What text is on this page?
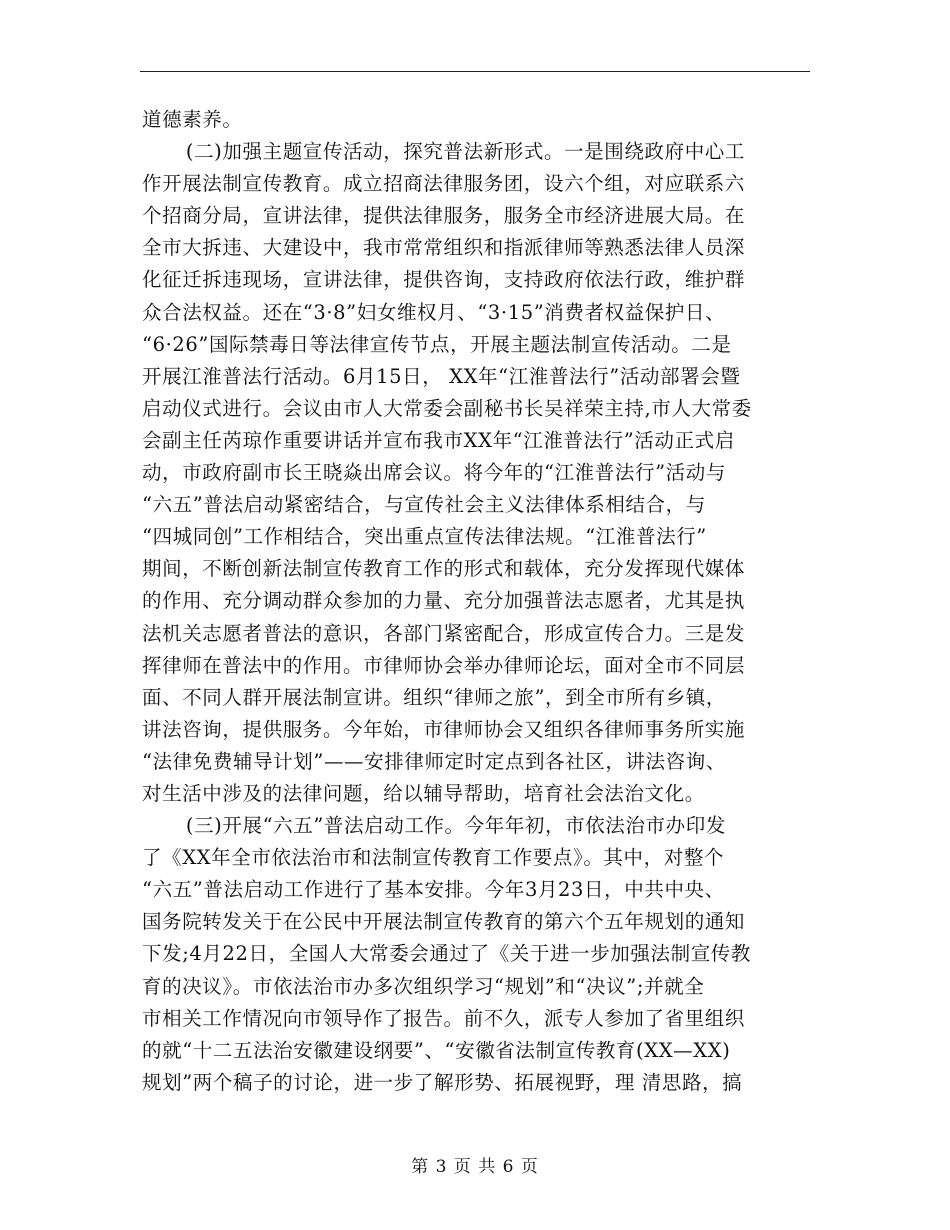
道德素养。
(二)加强主题宣传活动，探究普法新形式。一是围绕政府中心工
作开展法制宣传教育。成立招商法律服务团，设六个组，对应联系六
个招商分局，宣讲法律，提供法律服务，服务全市经济进展大局。在
全市大拆违、大建设中，我市常常组织和指派律师等熟悉法律人员深
化征迁拆违现场，宣讲法律，提供咨询，支持政府依法行政，维护群
众合法权益。还在“3·8”妇女维权月、“3·15”消费者权益保护日、
“6·26”国际禁毒日等法律宣传节点，开展主题法制宣传活动。二是
开展江淮普法行活动。6月15日， XX年“江淮普法行”活动部署会暨
启动仪式进行。会议由市人大常委会副秘书长吴祥荣主持,市人大常委
会副主任芮琼作重要讲话并宣布我市XX年“江淮普法行”活动正式启
动，市政府副市长王晓焱出席会议。将今年的“江淮普法行”活动与
“六五”普法启动紧密结合，与宣传社会主义法律体系相结合，与
“四城同创”工作相结合，突出重点宣传法律法规。“江淮普法行”
期间，不断创新法制宣传教育工作的形式和载体，充分发挥现代媒体
的作用、充分调动群众参加的力量、充分加强普法志愿者，尤其是执
法机关志愿者普法的意识，各部门紧密配合，形成宣传合力。三是发
挥律师在普法中的作用。市律师协会举办律师论坛，面对全市不同层
面、不同人群开展法制宣讲。组织“律师之旅”，到全市所有乡镇，
讲法咨询，提供服务。今年始，市律师协会又组织各律师事务所实施
“法律免费辅导计划”——安排律师定时定点到各社区，讲法咨询、
对生活中涉及的法律问题，给以辅导帮助，培育社会法治文化。
(三)开展“六五”普法启动工作。今年年初，市依法治市办印发
了《XX年全市依法治市和法制宣传教育工作要点》。其中，对整个
“六五”普法启动工作进行了基本安排。今年3月23日，中共中央、
国务院转发关于在公民中开展法制宣传教育的第六个五年规划的通知
下发;4月22日，全国人大常委会通过了《关于进一步加强法制宣传教
育的决议》。市依法治市办多次组织学习“规划”和“决议”;并就全
市相关工作情况向市领导作了报告。前不久，派专人参加了省里组织
的就“十二五法治安徽建设纲要”、“安徽省法制宣传教育(XX—XX)
规划”两个稿子的讨论，进一步了解形势、拓展视野，理 清思路，搞
第 3 页 共 6 页
